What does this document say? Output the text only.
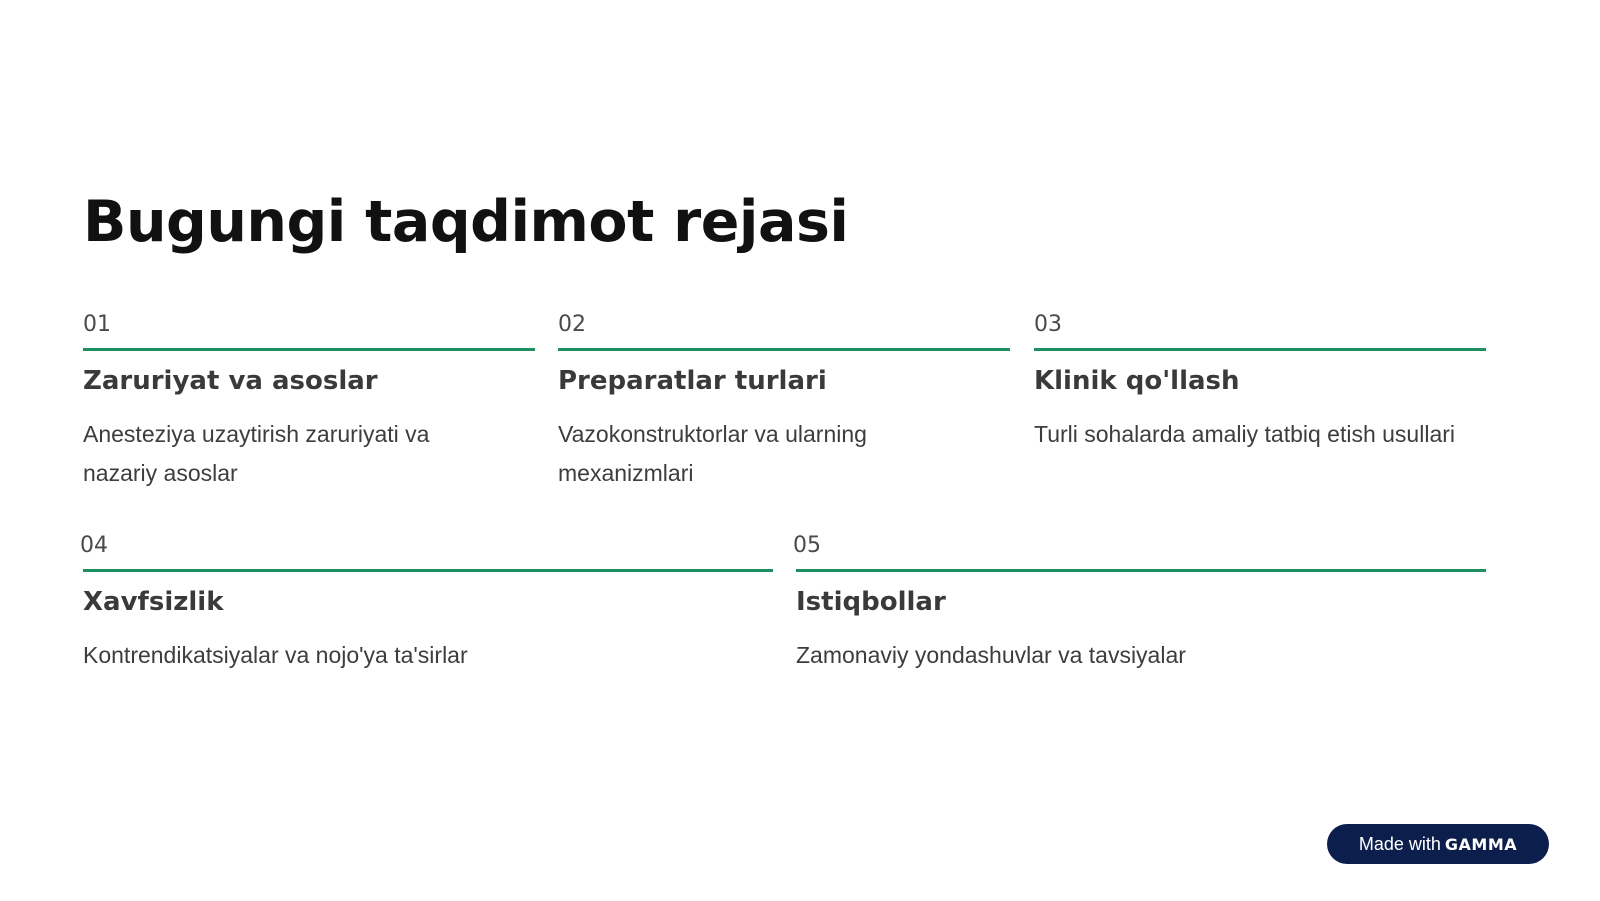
Bugungi taqdimot rejasi
01
Zaruriyat va asoslar

Anesteziya uzaytirish zaruriyati va nazariy asoslar

02
Preparatlar turlari

Vazokonstruktorlar va ularning mexanizmlari

03
Klinik qo'llash

Turli sohalarda amaliy tatbiq etish usullari

04
Xavfsizlik

Kontrendikatsiyalar va nojo'ya ta'sirlar

05
Istiqbollar

Zamonaviy yondashuvlar va tavsiyalar

Made with GAMMA
